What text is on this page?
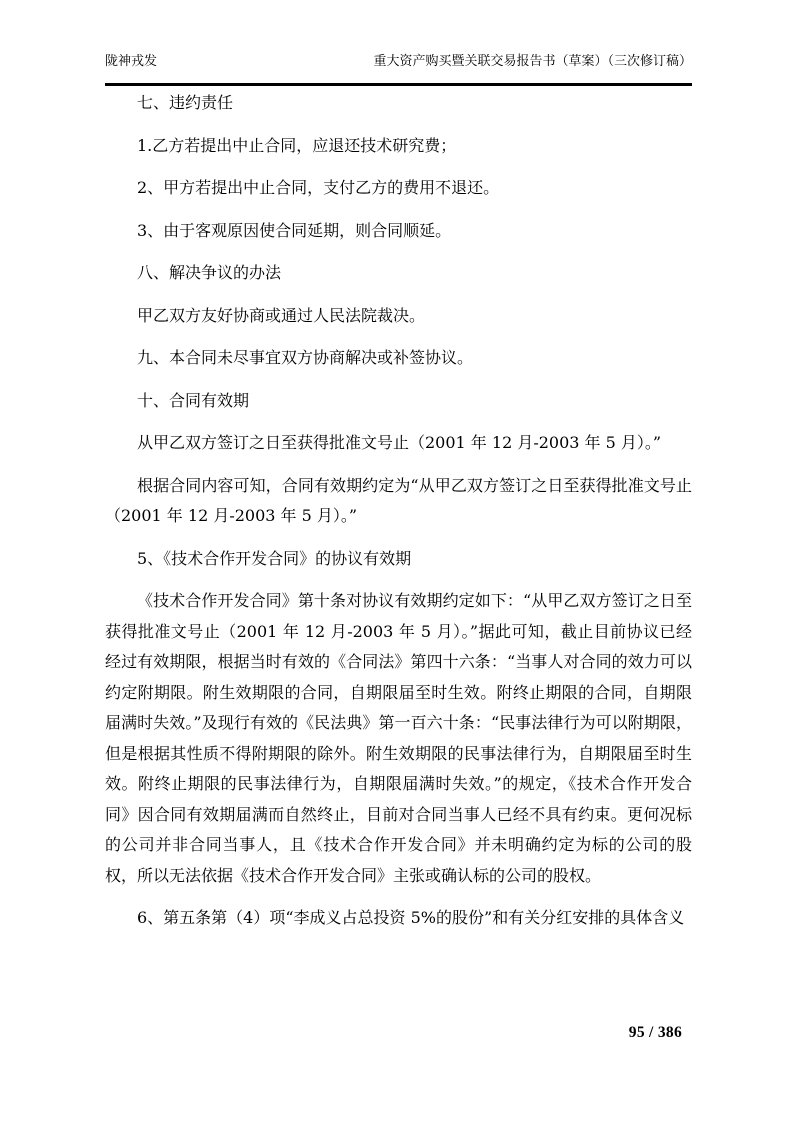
陇神戎发	重大资产购买暨关联交易报告书（草案）（三次修订稿）

七、违约责任

1.乙方若提出中止合同，应退还技术研究费；

2、甲方若提出中止合同，支付乙方的费用不退还。

3、由于客观原因使合同延期，则合同顺延。

八、解决争议的办法

甲乙双方友好协商或通过人民法院裁决。

九、本合同未尽事宜双方协商解决或补签协议。

十、合同有效期

从甲乙双方签订之日至获得批准文号止（2001 年 12 月-2003 年 5 月）。”

根据合同内容可知，合同有效期约定为“从甲乙双方签订之日至获得批准文号止（2001 年 12 月-2003 年 5 月）。”

5、《技术合作开发合同》的协议有效期

《技术合作开发合同》第十条对协议有效期约定如下：“从甲乙双方签订之日至获得批准文号止（2001 年 12 月-2003 年 5 月）。”据此可知，截止目前协议已经经过有效期限，根据当时有效的《合同法》第四十六条：“当事人对合同的效力可以约定附期限。附生效期限的合同，自期限届至时生效。附终止期限的合同，自期限届满时失效。”及现行有效的《民法典》第一百六十条：“民事法律行为可以附期限，但是根据其性质不得附期限的除外。附生效期限的民事法律行为，自期限届至时生效。附终止期限的民事法律行为，自期限届满时失效。”的规定，《技术合作开发合同》因合同有效期届满而自然终止，目前对合同当事人已经不具有约束。更何况标的公司并非合同当事人，且《技术合作开发合同》并未明确约定为标的公司的股权，所以无法依据《技术合作开发合同》主张或确认标的公司的股权。

6、第五条第（4）项“李成义占总投资 5%的股份”和有关分红安排的具体含义

95 / 386
